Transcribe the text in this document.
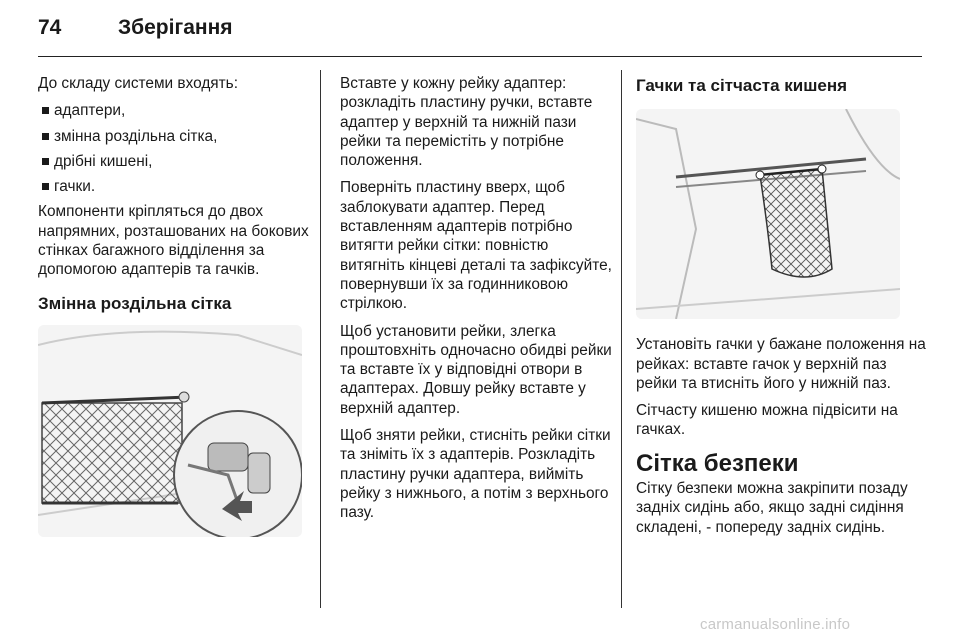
74	Зберігання

До складу системи входять:

адаптери,
змінна роздільна сітка,
дрібні кишені,
гачки.

Компоненти кріпляться до двох напрямних, розташованих на бокових стінках багажного відділення за допомогою адаптерів та гачків.

Змінна роздільна сітка

Вставте у кожну рейку адаптер: розкладіть пластину ручки, вставте адаптер у верхній та нижній пази рейки та перемістіть у потрібне положення.

Поверніть пластину вверх, щоб заблокувати адаптер. Перед вставленням адаптерів потрібно витягти рейки сітки: повністю витягніть кінцеві деталі та зафіксуйте, повернувши їх за годинниковою стрілкою.

Щоб установити рейки, злегка проштовхніть одночасно обидві рейки та вставте їх у відповідні отвори в адаптерах. Довшу рейку вставте у верхній адаптер.

Щоб зняти рейки, стисніть рейки сітки та зніміть їх з адаптерів. Розкладіть пластину ручки адаптера, вийміть рейку з нижнього, а потім з верхнього пазу.

Гачки та сітчаста кишеня

Установіть гачки у бажане положення на рейках: вставте гачок у верхній паз рейки та втисніть його у нижній паз.

Сітчасту кишеню можна підвісити на гачках.

Сітка безпеки

Сітку безпеки можна закріпити позаду задніх сидінь або, якщо задні сидіння складені, - попереду задніх сидінь.

carmanualsonline.info
